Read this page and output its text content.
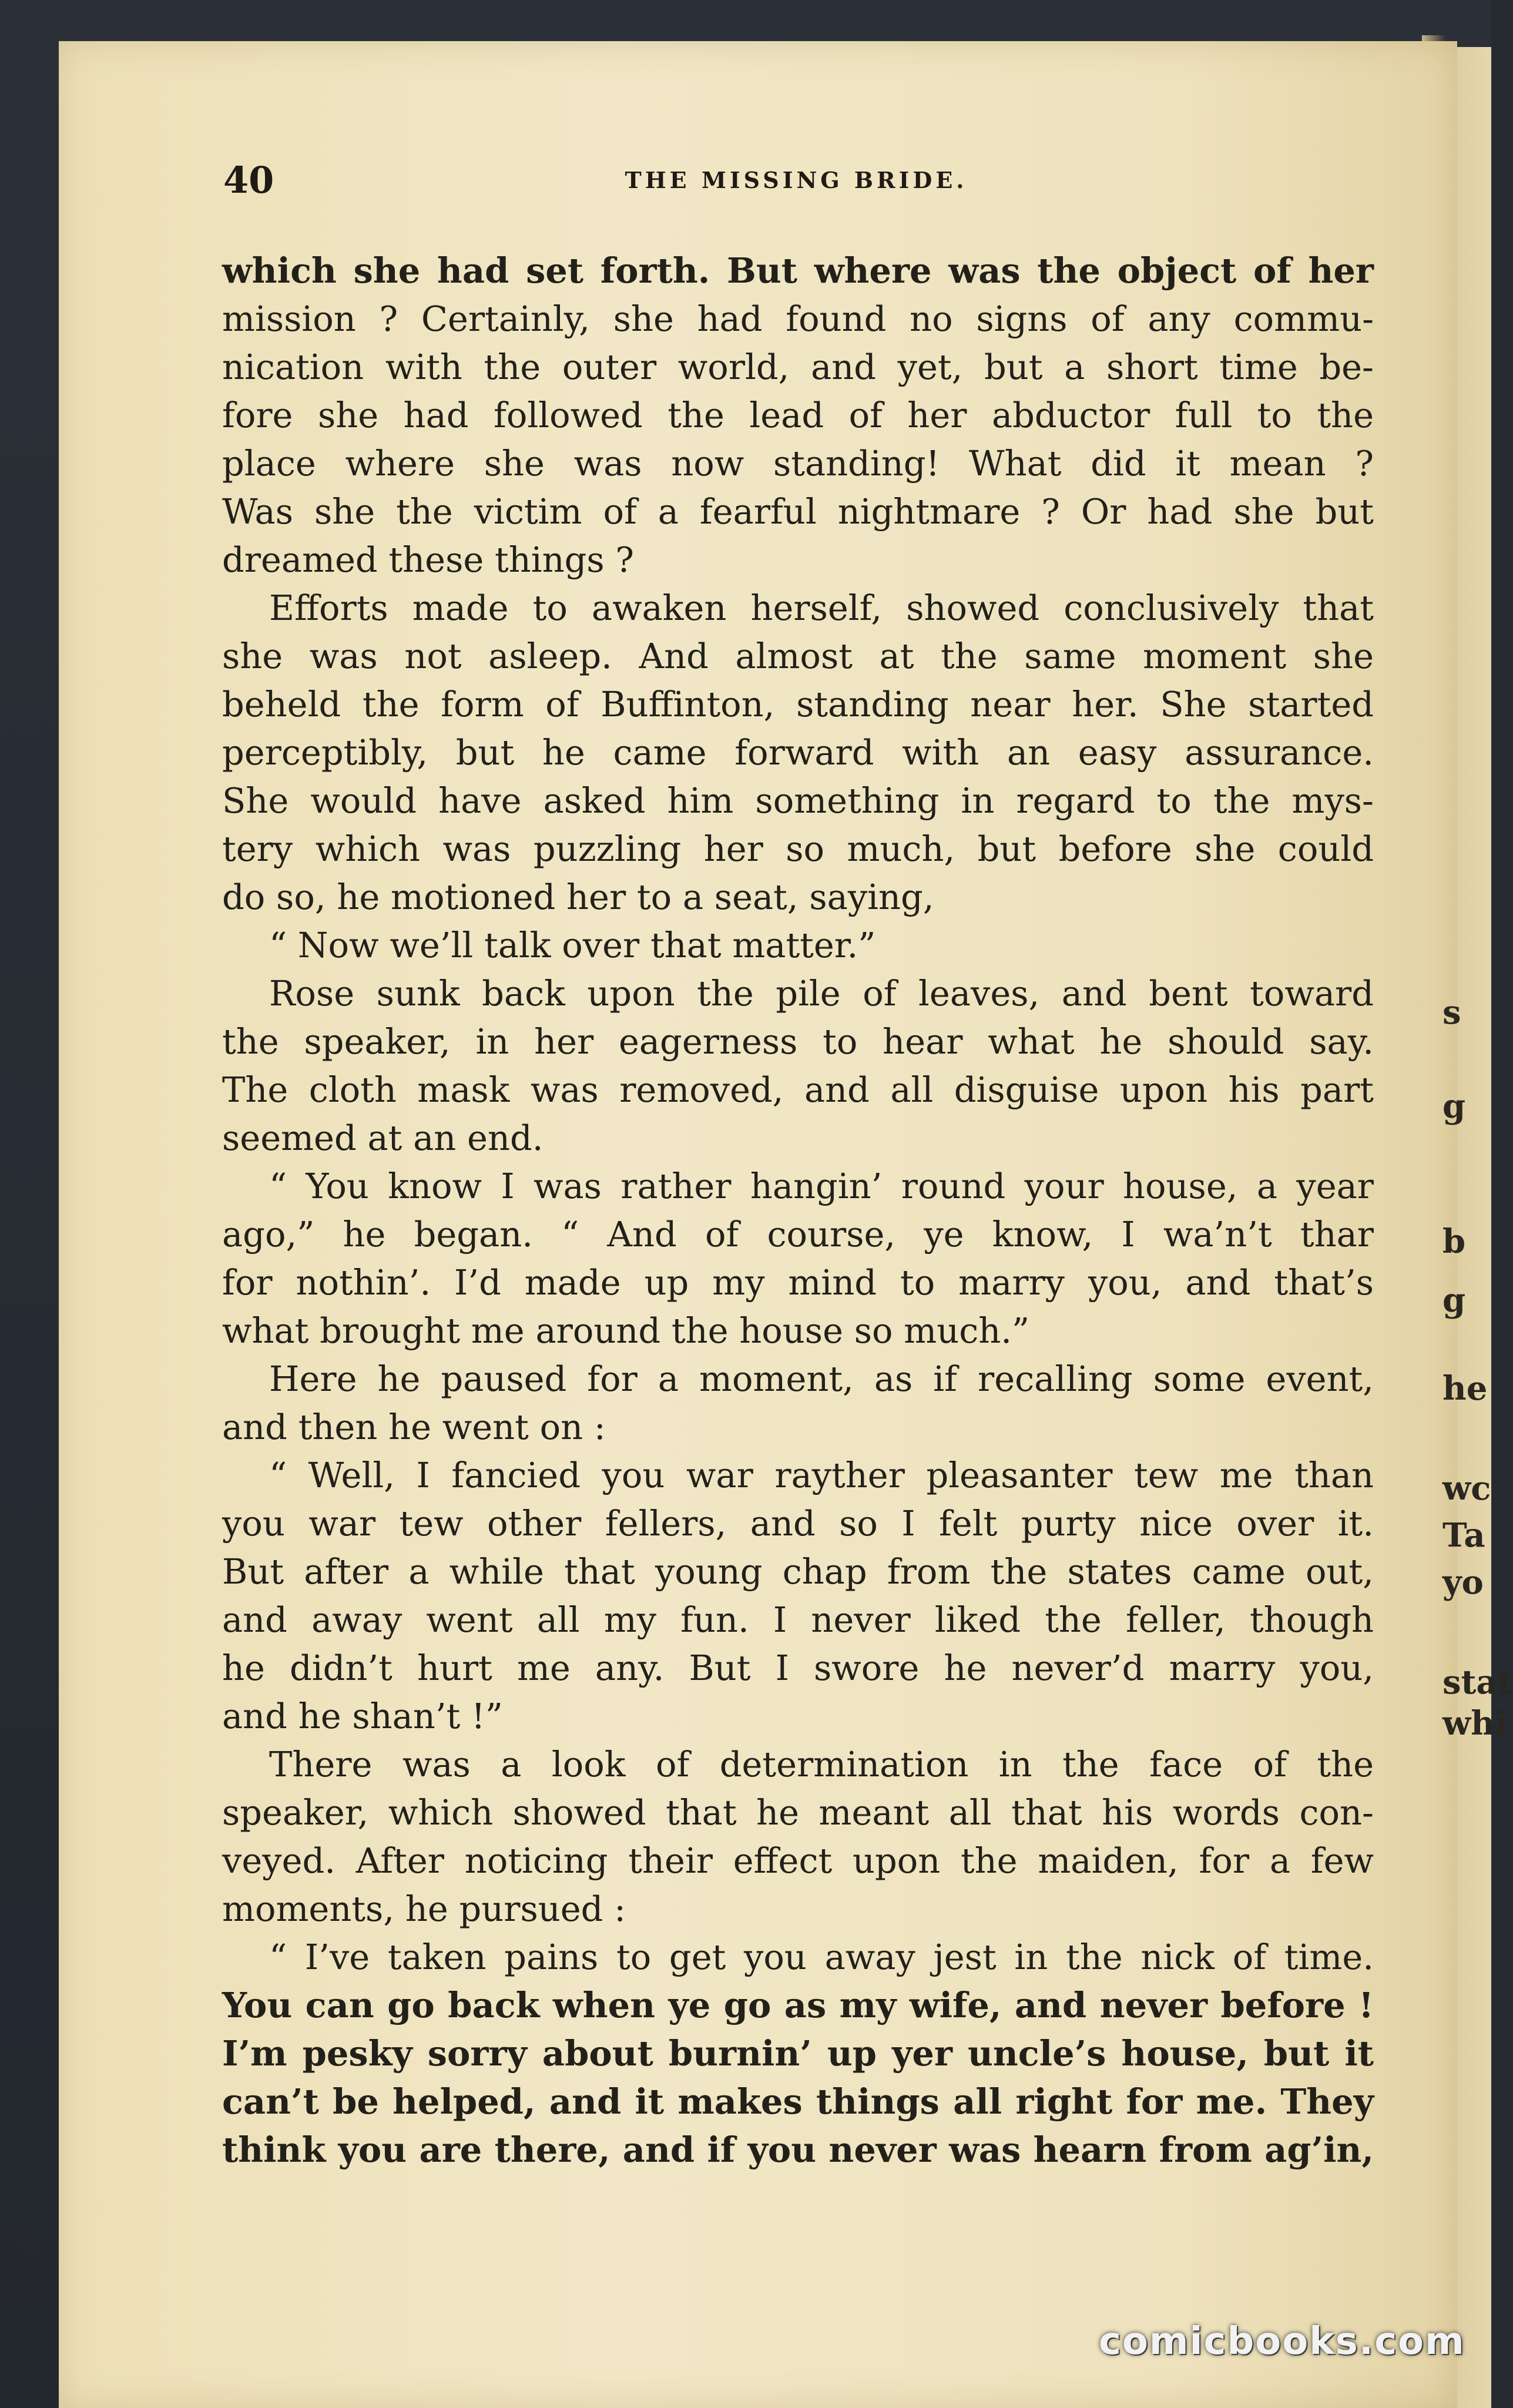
40	THE MISSING BRIDE.
which she had set forth. But where was the object of her
mission ? Certainly, she had found no signs of any commu-
nication with the outer world, and yet, but a short time be-
fore she had followed the lead of her abductor full to the
place where she was now standing! What did it mean ?
Was she the victim of a fearful nightmare ? Or had she but
dreamed these things ?
Efforts made to awaken herself, showed conclusively that
she was not asleep. And almost at the same moment she
beheld the form of Buffinton, standing near her. She started
perceptibly, but he came forward with an easy assurance.
She would have asked him something in regard to the mys-
tery which was puzzling her so much, but before she could
do so, he motioned her to a seat, saying,
“ Now we’ll talk over that matter.”
Rose sunk back upon the pile of leaves, and bent toward
the speaker, in her eagerness to hear what he should say.
The cloth mask was removed, and all disguise upon his part
seemed at an end.
“ You know I was rather hangin’ round your house, a year
ago,” he began. “ And of course, ye know, I wa’n’t thar
for nothin’. I’d made up my mind to marry you, and that’s
what brought me around the house so much.”
Here he paused for a moment, as if recalling some event,
and then he went on :
“ Well, I fancied you war rayther pleasanter tew me than
you war tew other fellers, and so I felt purty nice over it.
But after a while that young chap from the states came out,
and away went all my fun. I never liked the feller, though
he didn’t hurt me any. But I swore he never’d marry you,
and he shan’t !”
There was a look of determination in the face of the
speaker, which showed that he meant all that his words con-
veyed. After noticing their effect upon the maiden, for a few
moments, he pursued :
“ I’ve taken pains to get you away jest in the nick of time.
You can go back when ye go as my wife, and never before !
I’m pesky sorry about burnin’ up yer uncle’s house, but it
can’t be helped, and it makes things all right for me. They
think you are there, and if you never was hearn from ag’in,
s
g
b
g
he
wc
Ta
yo
stat
whi
comicbooks.com
